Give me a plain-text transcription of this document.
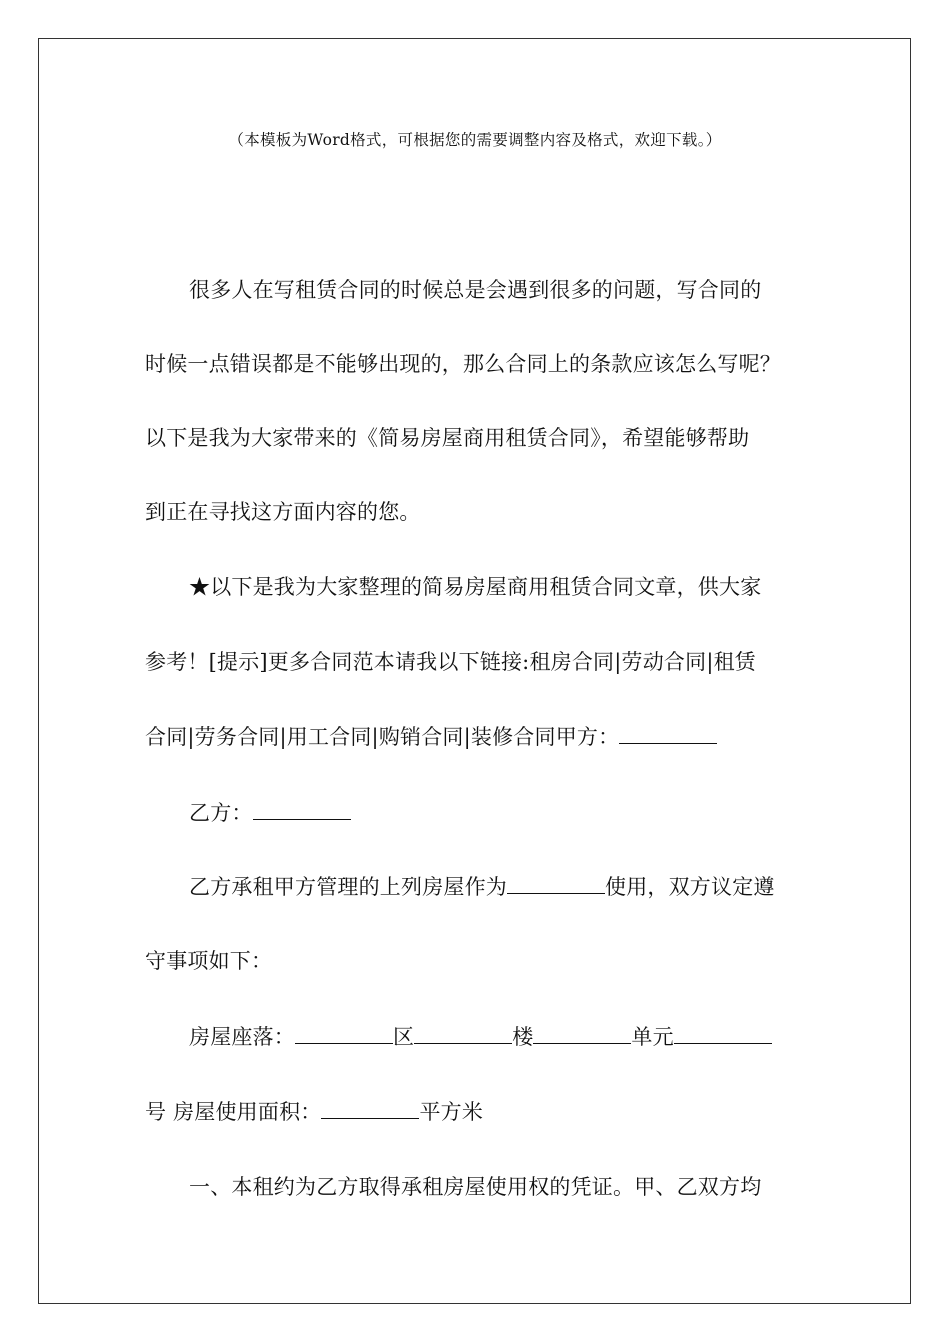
（本模板为Word格式，可根据您的需要调整内容及格式，欢迎下载。）
很多人在写租赁合同的时候总是会遇到很多的问题，写合同的
时候一点错误都是不能够出现的，那么合同上的条款应该怎么写呢？
以下是我为大家带来的《简易房屋商用租赁合同》，希望能够帮助
到正在寻找这方面内容的您。
★以下是我为大家整理的简易房屋商用租赁合同文章，供大家
参考！[提示]更多合同范本请我以下链接:租房合同|劳动合同|租赁
合同|劳务合同|用工合同|购销合同|装修合同甲方：
乙方：
乙方承租甲方管理的上列房屋作为	使用，双方议定遵
守事项如下：
房屋座落：	区	楼	单元
号 房屋使用面积：	平方米
一、本租约为乙方取得承租房屋使用权的凭证。甲、乙双方均
